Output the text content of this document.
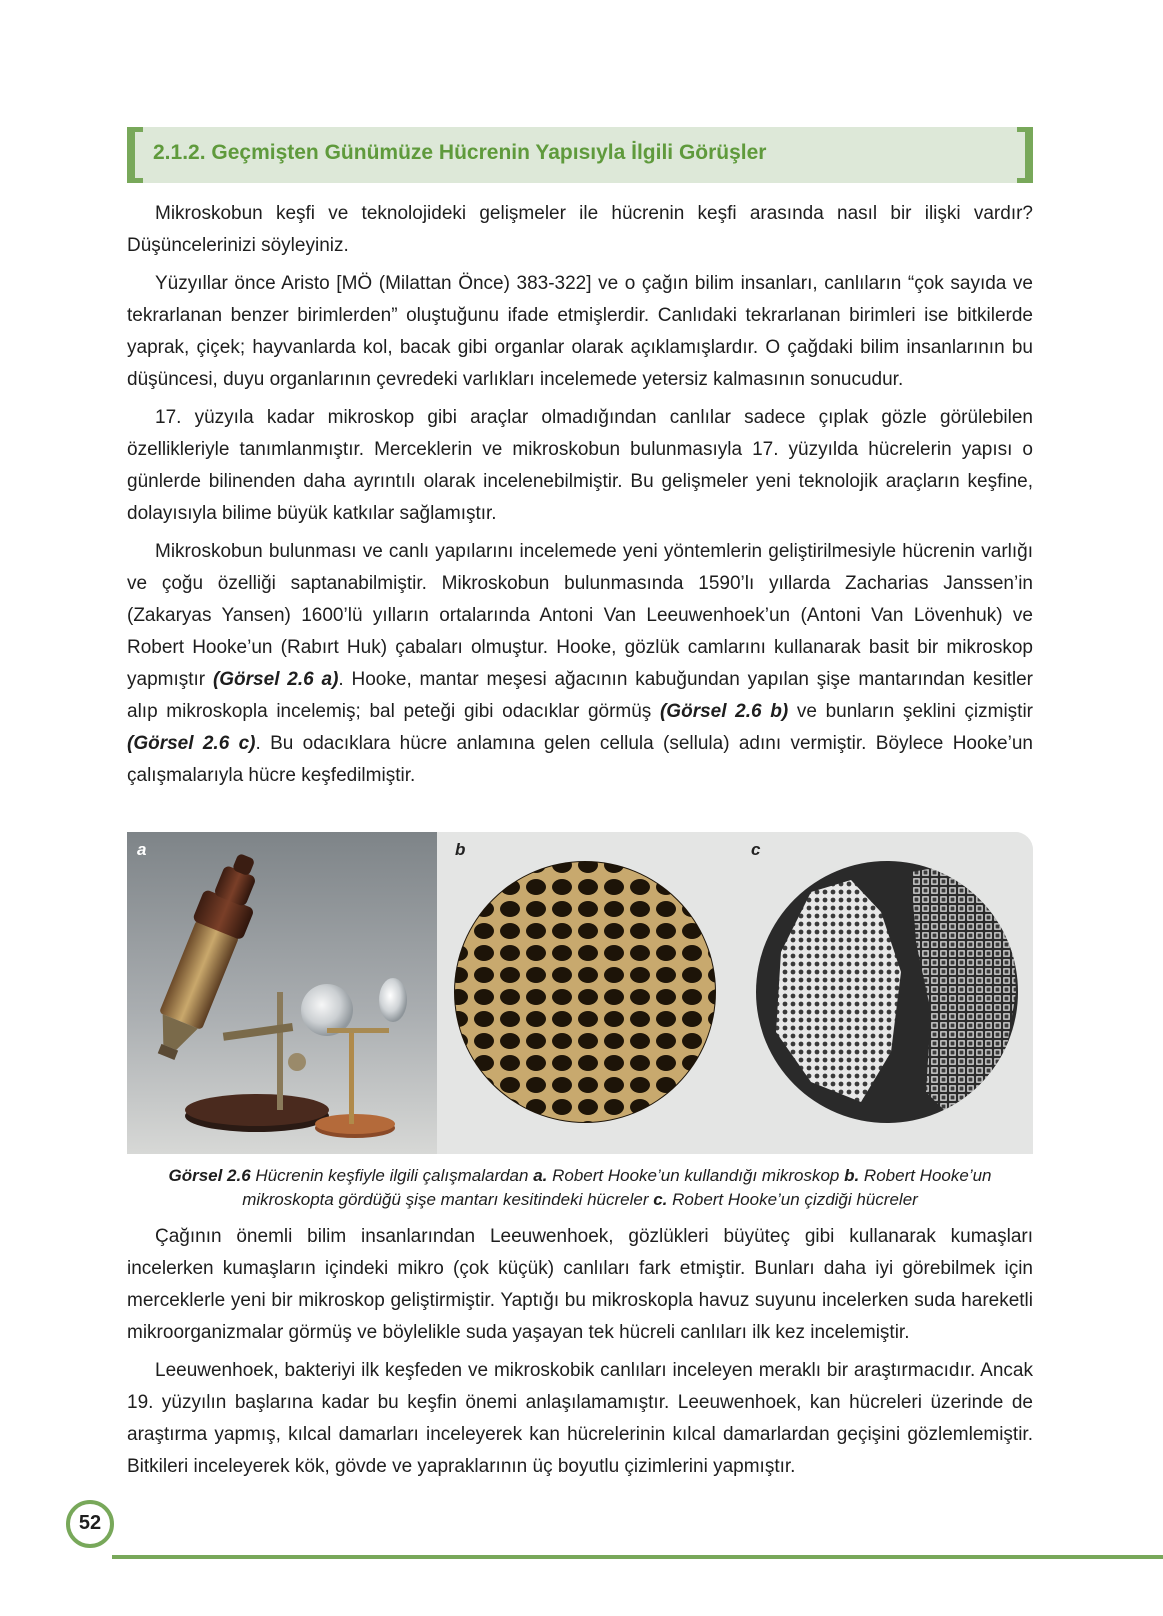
2.1.2. Geçmişten Günümüze Hücrenin Yapısıyla İlgili Görüşler

Mikroskobun keşfi ve teknolojideki gelişmeler ile hücrenin keşfi arasında nasıl bir ilişki vardır? Düşüncelerinizi söyleyiniz.

Yüzyıllar önce Aristo [MÖ (Milattan Önce) 383-322] ve o çağın bilim insanları, canlıların “çok sayıda ve tekrarlanan benzer birimlerden” oluştuğunu ifade etmişlerdir. Canlıdaki tekrarlanan birimleri ise bitkilerde yaprak, çiçek; hayvanlarda kol, bacak gibi organlar olarak açıklamışlardır. O çağdaki bilim insanlarının bu düşüncesi, duyu organlarının çevredeki varlıkları incelemede yetersiz kalmasının sonucudur.

17. yüzyıla kadar mikroskop gibi araçlar olmadığından canlılar sadece çıplak gözle görülebilen özellikleriyle tanımlanmıştır. Merceklerin ve mikroskobun bulunmasıyla 17. yüzyılda hücrelerin yapısı o günlerde bilinenden daha ayrıntılı olarak incelenebilmiştir. Bu gelişmeler yeni teknolojik araçların keşfine, dolayısıyla bilime büyük katkılar sağlamıştır.

Mikroskobun bulunması ve canlı yapılarını incelemede yeni yöntemlerin geliştirilmesiyle hücrenin varlığı ve çoğu özelliği saptanabilmiştir. Mikroskobun bulunmasında 1590’lı yıllarda Zacharias Janssen’in (Zakaryas Yansen) 1600’lü yılların ortalarında Antoni Van Leeuwenhoek’un (Antoni Van Lövenhuk) ve Robert Hooke’un (Rabırt Huk) çabaları olmuştur. Hooke, gözlük camlarını kullanarak basit bir mikroskop yapmıştır (Görsel 2.6 a). Hooke, mantar meşesi ağacının kabuğundan yapılan şişe mantarından kesitler alıp mikroskopla incelemiş; bal peteği gibi odacıklar görmüş (Görsel 2.6 b) ve bunların şeklini çizmiştir (Görsel 2.6 c). Bu odacıklara hücre anlamına gelen cellula (sellula) adını vermiştir. Böylece Hooke’un çalışmalarıyla hücre keşfedilmiştir.

a	b	c
Görsel 2.6 Hücrenin keşfiyle ilgili çalışmalardan a. Robert Hooke’un kullandığı mikroskop b. Robert Hooke’un mikroskopta gördüğü şişe mantarı kesitindeki hücreler c. Robert Hooke’un çizdiği hücreler

Çağının önemli bilim insanlarından Leeuwenhoek, gözlükleri büyüteç gibi kullanarak kumaşları incelerken kumaşların içindeki mikro (çok küçük) canlıları fark etmiştir. Bunları daha iyi görebilmek için merceklerle yeni bir mikroskop geliştirmiştir. Yaptığı bu mikroskopla havuz suyunu incelerken suda hareketli mikroorganizmalar görmüş ve böylelikle suda yaşayan tek hücreli canlıları ilk kez incelemiştir.

Leeuwenhoek, bakteriyi ilk keşfeden ve mikroskobik canlıları inceleyen meraklı bir araştırmacıdır. Ancak 19. yüzyılın başlarına kadar bu keşfin önemi anlaşılamamıştır. Leeuwenhoek, kan hücreleri üzerinde de araştırma yapmış, kılcal damarları inceleyerek kan hücrelerinin kılcal damarlardan geçişini gözlemlemiştir. Bitkileri inceleyerek kök, gövde ve yapraklarının üç boyutlu çizimlerini yapmıştır.

52
